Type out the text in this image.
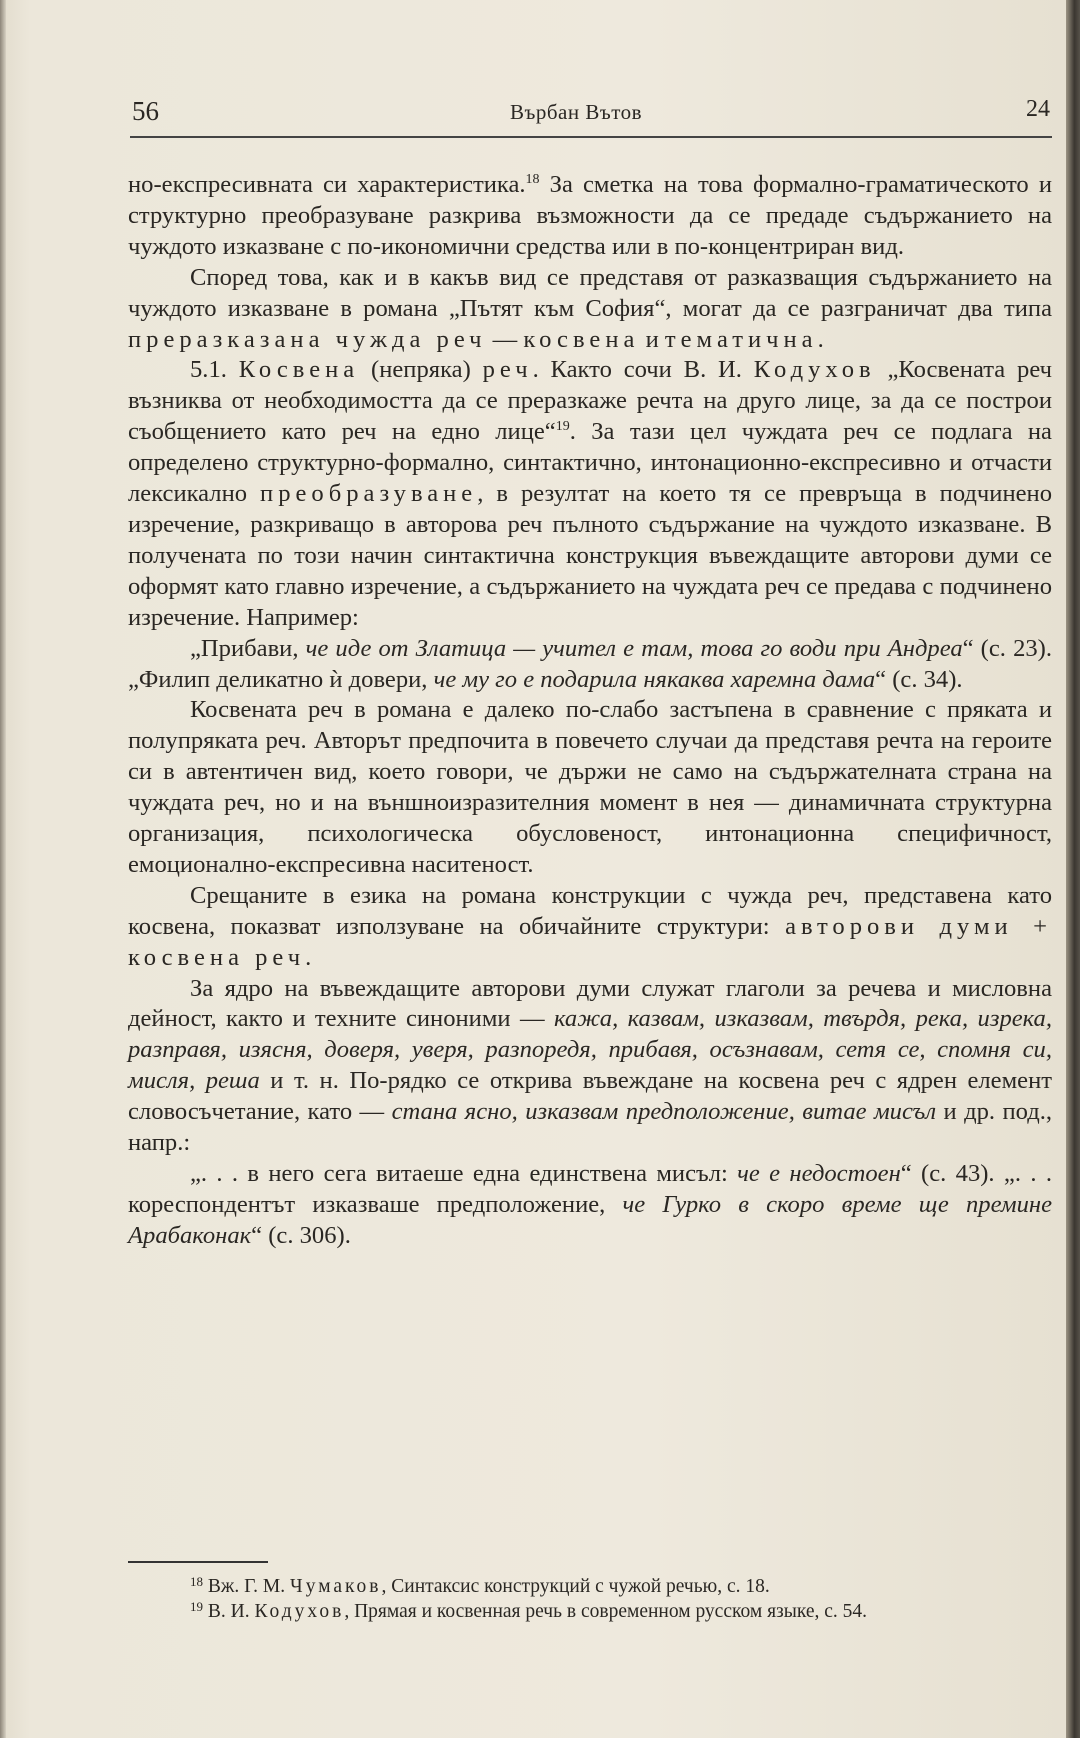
56	Върбан Вътов	24

но-експресивната си характеристика.$^{18}$ За сметка на това формално-граматическото и структурно преобразуване разкрива възможности да се предаде съдържанието на чуждото изказване с по-икономични средства или в по-концентриран вид.

Според това, как и в какъв вид се представя от разказващия съдържанието на чуждото изказване в романа „Пътят към София“, могат да се разграничат два типа преразказана чужда реч — косвена и тематична.

5.1. Косвена (непряка) реч. Както сочи В. И. Кодухов „Косвената реч възниква от необходимостта да се преразкаже речта на друго лице, за да се построи съобщението като реч на едно лице“$^{19}$. За тази цел чуждата реч се подлага на определено структурно-формално, синтактично, интонационно-експресивно и отчасти лексикално преобразуване, в резултат на което тя се превръща в подчинено изречение, разкриващо в авторова реч пълното съдържание на чуждото изказване. В получената по този начин синтактична конструкция въвеждащите авторови думи се оформят като главно изречение, а съдържанието на чуждата реч се предава с подчинено изречение. Например:

„Прибави, че иде от Златица — учител е там, това го води при Андреа“ (с. 23). „Филип деликатно ѝ довери, че му го е подарила някаква харемна дама“ (с. 34).

Косвената реч в романа е далеко по-слабо застъпена в сравнение с пряката и полупряката реч. Авторът предпочита в повечето случаи да представя речта на героите си в автентичен вид, което говори, че държи не само на съдържателната страна на чуждата реч, но и на външноизразителния момент в нея — динамичната структурна организация, психологическа обусловеност, интонационна специфичност, емоционално-експресивна наситеност.

Срещаните в езика на романа конструкции с чужда реч, представена като косвена, показват използуване на обичайните структури: авторови думи + косвена реч.

За ядро на въвеждащите авторови думи служат глаголи за речева и мисловна дейност, както и техните синоними — кажа, казвам, изказвам, твърдя, река, изрека, разправя, изясня, доверя, уверя, разпоредя, прибавя, осъзнавам, сетя се, спомня си, мисля, реша и т. н. По-рядко се открива въвеждане на косвена реч с ядрен елемент словосъчетание, като — стана ясно, изказвам предположение, витае мисъл и др. под., напр.:

„. . . в него сега витаеше една единствена мисъл: че е недостоен“ (с. 43). „. . . кореспондентът изказваше предположение, че Гурко в скоро време ще премине Арабаконак“ (с. 306).

$^{18}$ Вж. Г. М. Чумаков, Синтаксис конструкций с чужой речью, с. 18.

$^{19}$ В. И. Кодухов, Прямая и косвенная речь в современном русском языке, с. 54.
